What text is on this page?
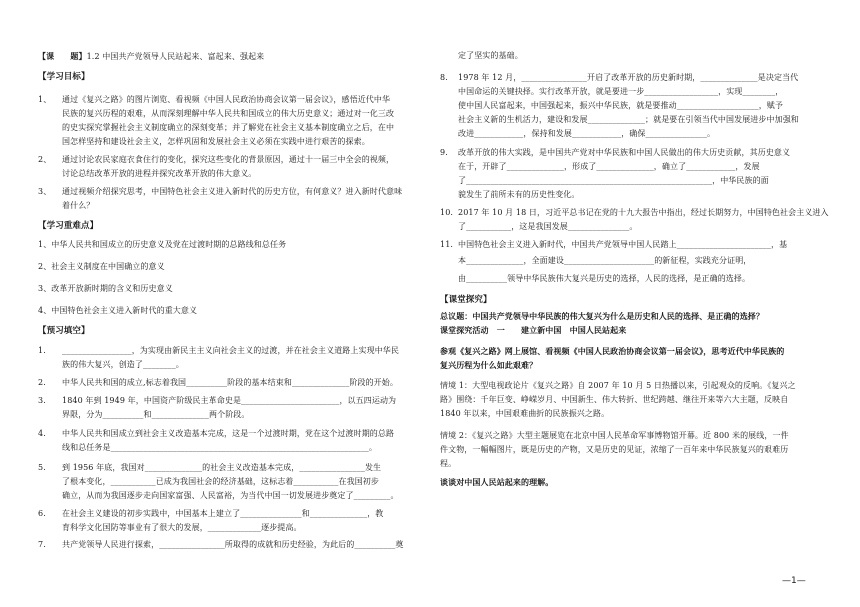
【课　　题】1.2 中国共产党领导人民站起来、富起来、强起来
【学习目标】
1、 通过《复兴之路》的图片浏览、看视频《中国人民政治协商会议第一届会议》，感悟近代中华
民族的复兴历程的艰难，从而深刻理解中华人民共和国成立的伟大历史意义；通过对一化三改
的史实探究掌握社会主义制度确立的深刻变革；并了解党在社会主义基本制度确立之后，在中
国怎样坚持和建设社会主义，怎样巩固和发展社会主义必须在实践中进行艰苦的探索。
2、 通过讨论农民家庭衣食住行的变化，探究这些变化的背景原因，通过十一届三中全会的视频，
讨论总结改革开放的进程并探究改革开放的伟大意义。
3、 通过视频介绍探究思考，中国特色社会主义进入新时代的历史方位，有何意义？进入新时代意味
着什么？
【学习重难点】
1、中华人民共和国成立的历史意义及党在过渡时期的总路线和总任务
2、社会主义制度在中国确立的意义
3、改革开放新时期的含义和历史意义
4、中国特色社会主义进入新时代的重大意义
【预习填空】
1. _________________，为实现由新民主主义向社会主义的过渡，并在社会主义道路上实现中华民
族的伟大复兴，创造了________。
2. 中华人民共和国的成立,标志着我国__________阶段的基本结束和______________阶段的开始。
3. 1840 年到 1949 年，中国资产阶级民主革命史是________________________，以五四运动为
界限，分为__________和______________两个阶段。
4. 中华人民共和国成立到社会主义改造基本完成，这是一个过渡时期，党在这个过渡时期的总路
线和总任务是_______________________________________________________________。
5. 到 1956 年底，我国对______________的社会主义改造基本完成，________________发生
了根本变化，___________已成为我国社会的经济基础，这标志着___________在我国初步
确立，从而为我国逐步走向国家富强、人民富裕，为当代中国一切发展进步奠定了_________。
6. 在社会主义建设的初步实践中，中国基本上建立了_______________和______________，教
育科学文化国防等事业有了很大的发展，_____________逐步提高。
7. 共产党领导人民进行探索，________________所取得的成就和历史经验，为此后的__________奠
定了坚实的基础。
8. 1978 年 12 月，________________开启了改革开放的历史新时期，______________是决定当代
中国命运的关键抉择。实行改革开放，就是要进一步__________________，实现________，
使中国人民富起来，中国强起来，振兴中华民族，就是要推动____________________，赋予
社会主义新的生机活力，建设和发展______________；就是要在引领当代中国发展进步中加强和
改进____________，保持和发展____________，确保_______________。
9. 改革开放的伟大实践，是中国共产党对中华民族和中国人民做出的伟大历史贡献，其历史意义
在于，开辟了______________，形成了______________，确立了____________，发展
了____________________________________________________________，中华民族的面
貌发生了前所未有的历史性变化。
10. 2017 年 10 月 18 日，习近平总书记在党的十九大报告中指出，经过长期努力，中国特色社会主义进入
了___________，这是我国发展_______________。
11. 中国特色社会主义进入新时代，中国共产党领导中国人民踏上_______________________，基
本______________，全面建设______________________的新征程，实践充分证明，
由__________领导中华民族伟大复兴是历史的选择，人民的选择，是正确的选择。
【课堂探究】
总议题：中国共产党领导中华民族的伟大复兴为什么是历史和人民的选择、是正确的选择？
课堂探究活动　一　　建立新中国　中国人民站起来
参观《复兴之路》网上展馆、看视频《中国人民政治协商会议第一届会议》，思考近代中华民族的
复兴历程为什么如此艰难？
情境 1：大型电视政论片《复兴之路》自 2007 年 10 月 5 日热播以来，引起观众的反响。《复兴之
路》围绕：千年巨变、峥嵘岁月、中国新生、伟大转折、世纪跨越、继往开来等六大主题，反映自
1840 年以来，中国艰难曲折的民族振兴之路。
情境 2：《复兴之路》大型主题展览在北京中国人民革命军事博物馆开幕。近 800 米的展线，一件
件文物，一幅幅图片，既是历史的产物，又是历史的见证，浓缩了一百年来中华民族复兴的艰难历
程。
谈谈对中国人民站起来的理解。
—1—
